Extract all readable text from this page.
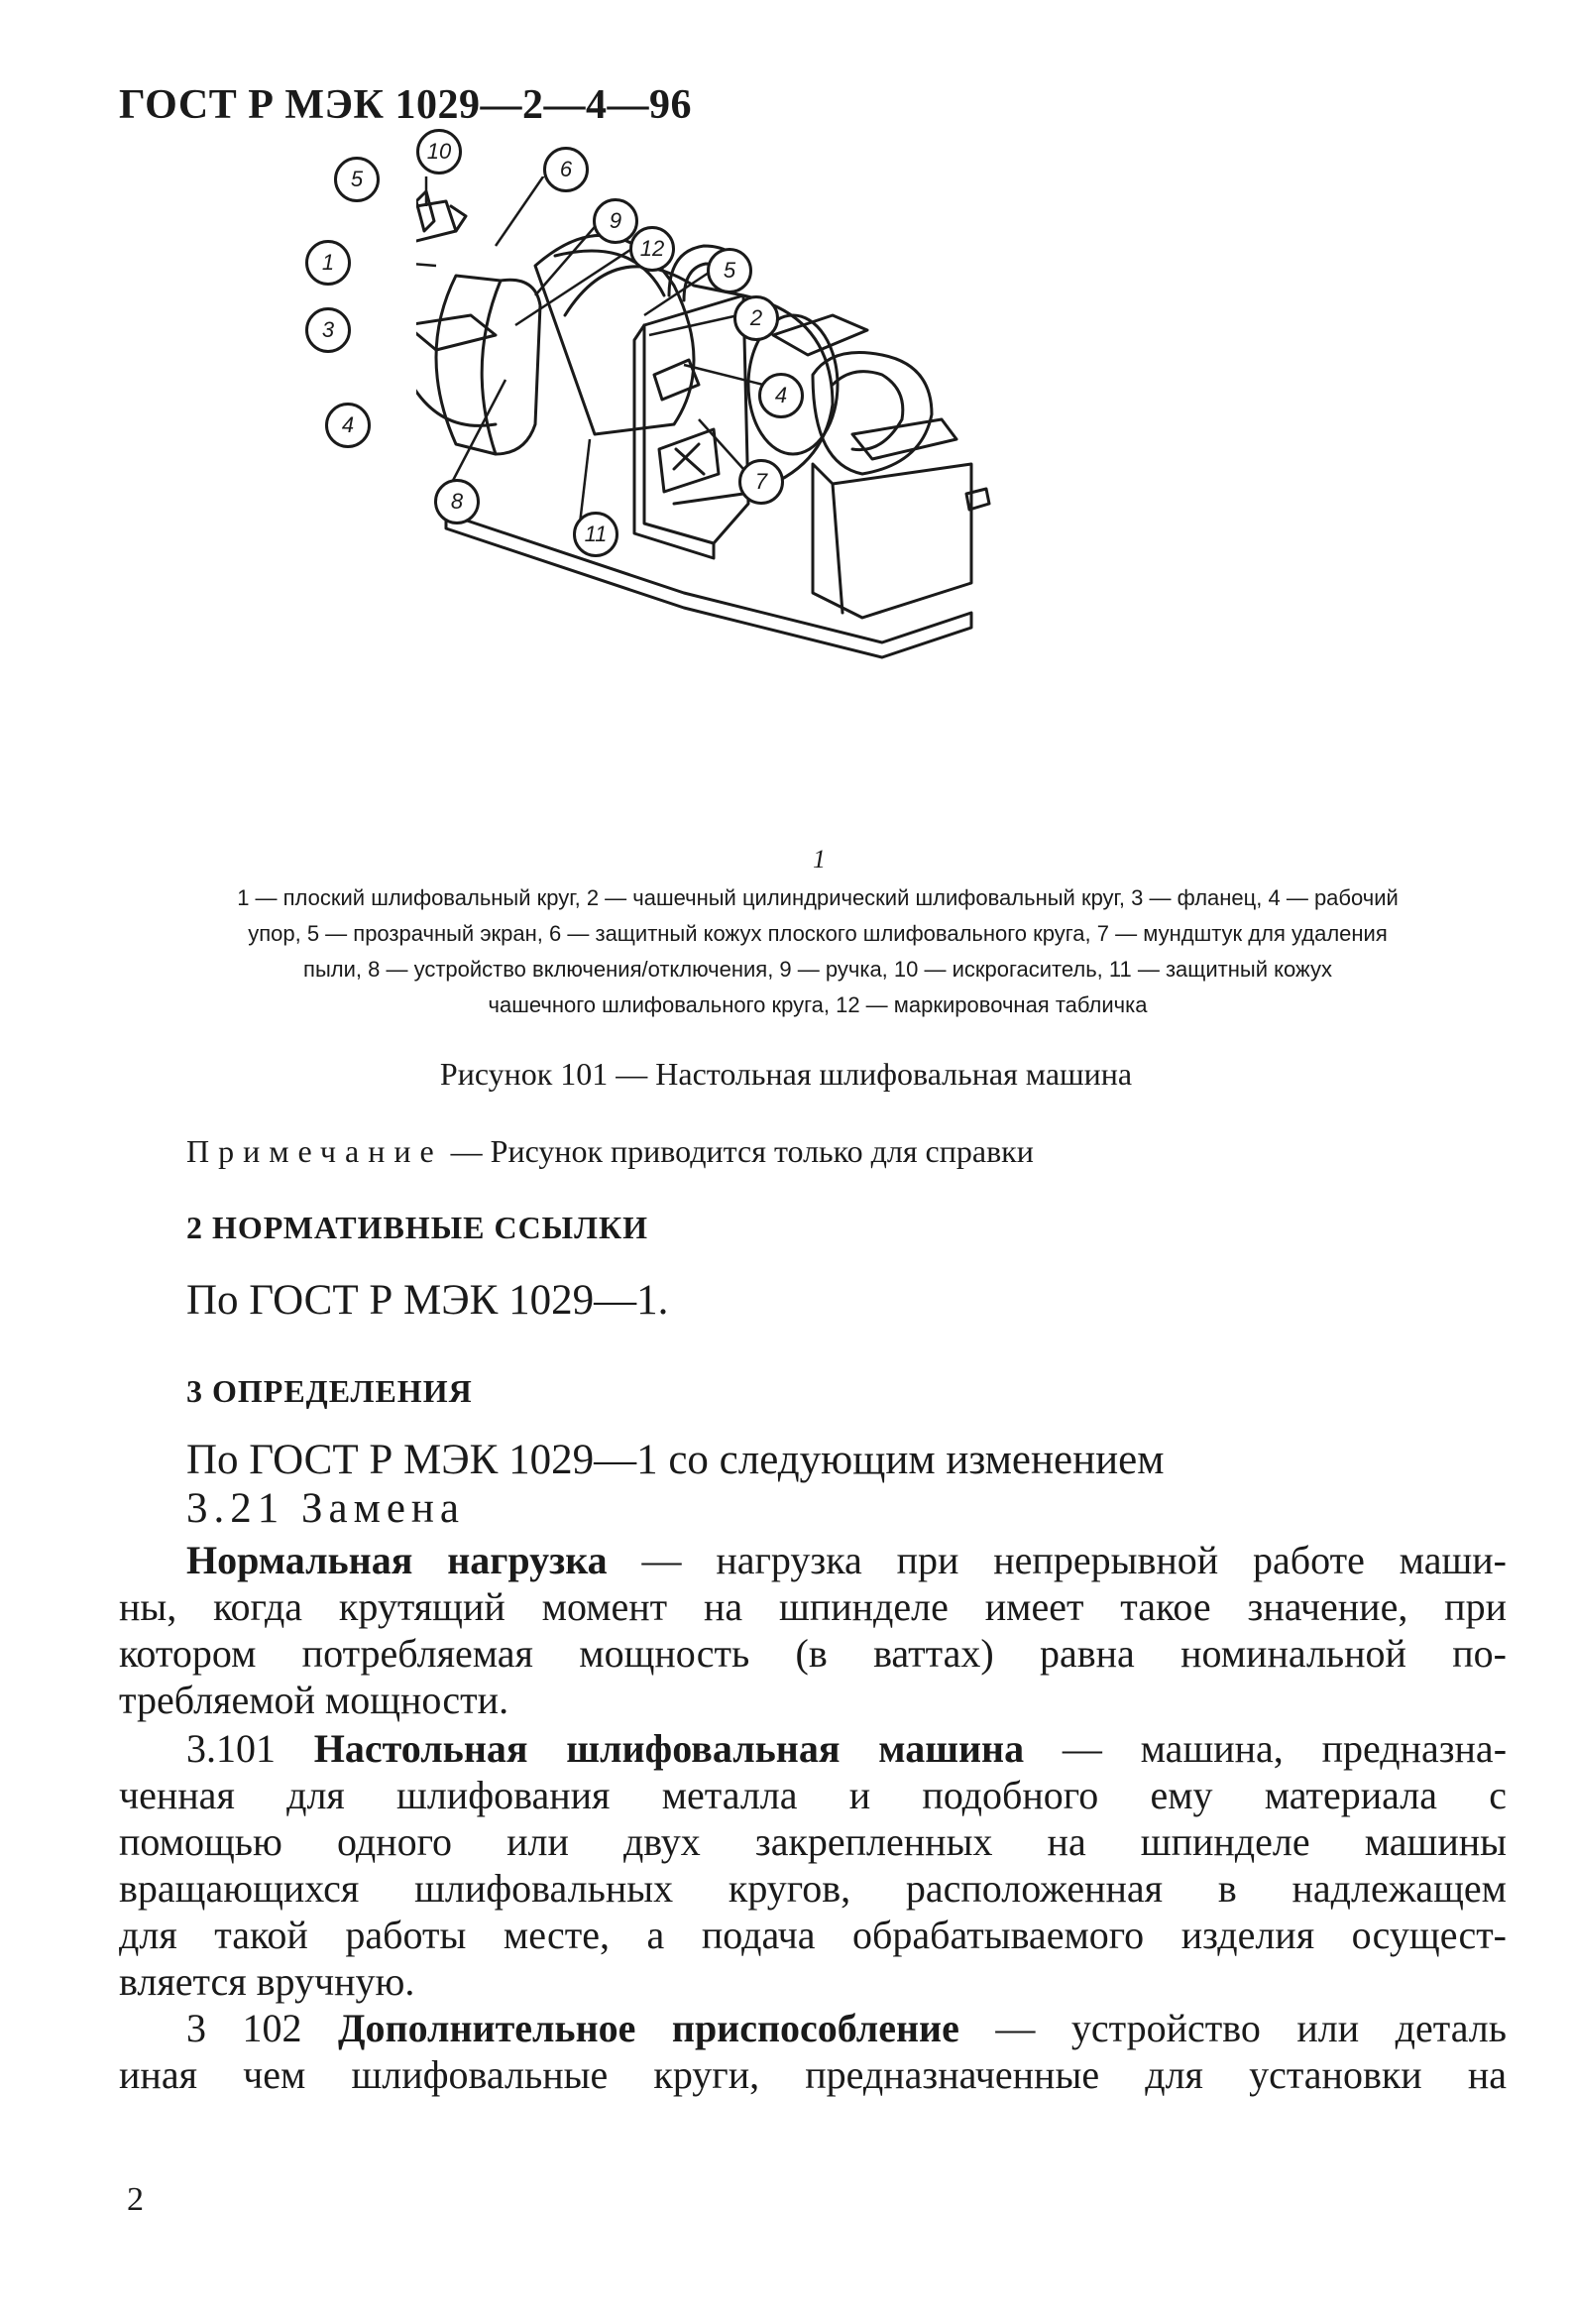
ГОСТ Р МЭК 1029—2—4—96
10
5	6
9
1
12
5
2
3
4
4
7
8
11
1
1 — плоский шлифовальный круг, 2 — чашечный цилиндрический шлифовальный круг, 3 — фланец, 4 — рабочий
упор, 5 — прозрачный экран, 6 — защитный кожух плоского шлифовального круга, 7 — мундштук для удаления
пыли, 8 — устройство включения/отключения, 9 — ручка, 10 — искрогаситель, 11 — защитный кожух
чашечного шлифовального круга, 12 — маркировочная табличка
Рисунок 101 — Настольная шлифовальная машина
Примечание — Рисунок приводится только для справки
2 НОРМАТИВНЫЕ ССЫЛКИ
По ГОСТ Р МЭК 1029—1.
3 ОПРЕДЕЛЕНИЯ
По ГОСТ Р МЭК 1029—1 со следующим изменением
3.21 Замена
Нормальная нагрузка — нагрузка при непрерывной работе маши-
ны, когда крутящий момент на шпинделе имеет такое значение, при
котором потребляемая мощность (в ваттах) равна номинальной по-
требляемой мощности.
3.101 Настольная шлифовальная машина — машина, предназна-
ченная для шлифования металла и подобного ему материала с
помощью одного или двух закрепленных на шпинделе машины
вращающихся шлифовальных кругов, расположенная в надлежащем
для такой работы месте, а подача обрабатываемого изделия осущест-
вляется вручную.
3 102 Дополнительное приспособление — устройство или деталь
иная чем шлифовальные круги, предназначенные для установки на
2
